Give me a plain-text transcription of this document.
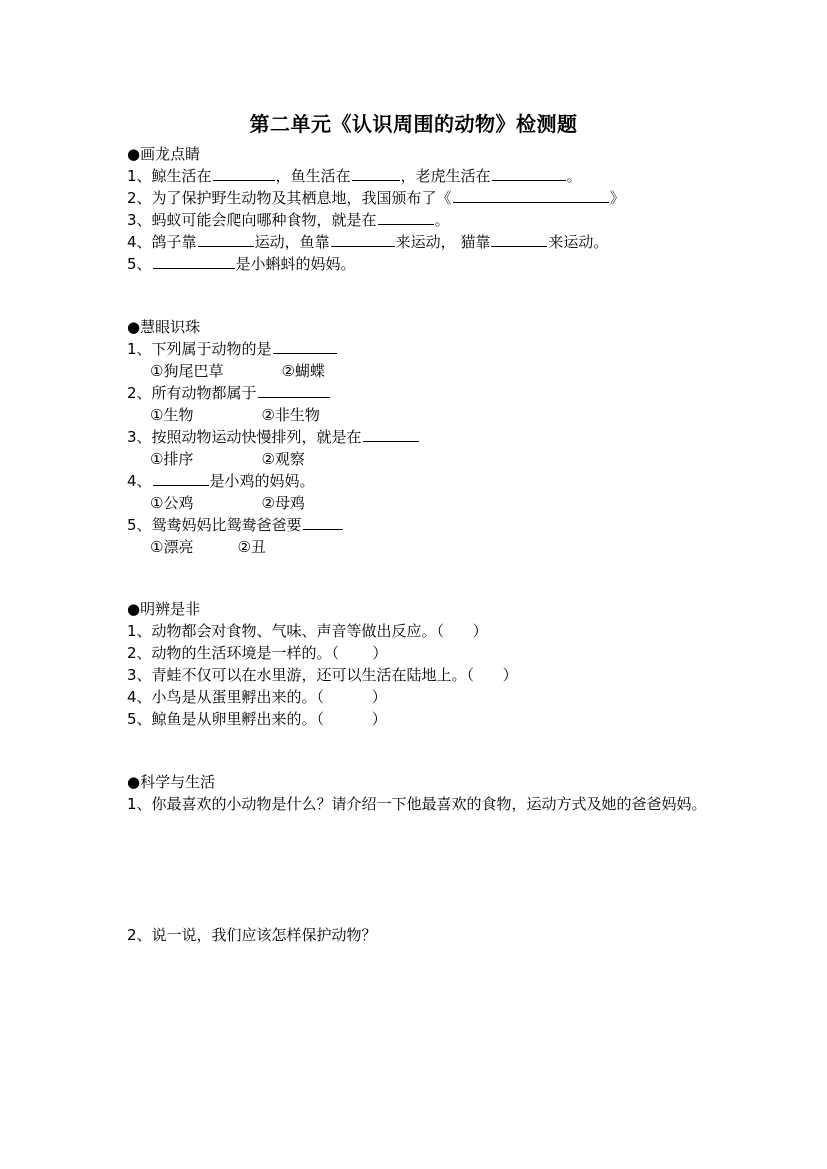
第二单元《认识周围的动物》检测题
●画龙点睛
1、鲸生活在	，鱼生活在	，老虎生活在	。
2、为了保护野生动物及其栖息地，我国颁布了《	》
3、蚂蚁可能会爬向哪种食物，就是在	。
4、鸽子靠	运动，鱼靠	来运动， 猫靠	来运动。
5、	是小蝌蚪的妈妈。
●慧眼识珠
1、下列属于动物的是
①狗尾巴草	②蝴蝶
2、所有动物都属于
①生物	②非生物
3、按照动物运动快慢排列，就是在
①排序	②观察
4、	是小鸡的妈妈。
①公鸡	②母鸡
5、鸳鸯妈妈比鸳鸯爸爸要
①漂亮	②丑
●明辨是非
1、动物都会对食物、气味、声音等做出反应。（      ）
2、动物的生活环境是一样的。（       ）
3、青蛙不仅可以在水里游，还可以生活在陆地上。（      ）
4、小鸟是从蛋里孵出来的。（          ）
5、鲸鱼是从卵里孵出来的。（          ）
●科学与生活
1、你最喜欢的小动物是什么？请介绍一下他最喜欢的食物，运动方式及她的爸爸妈妈。
2、说一说，我们应该怎样保护动物？
